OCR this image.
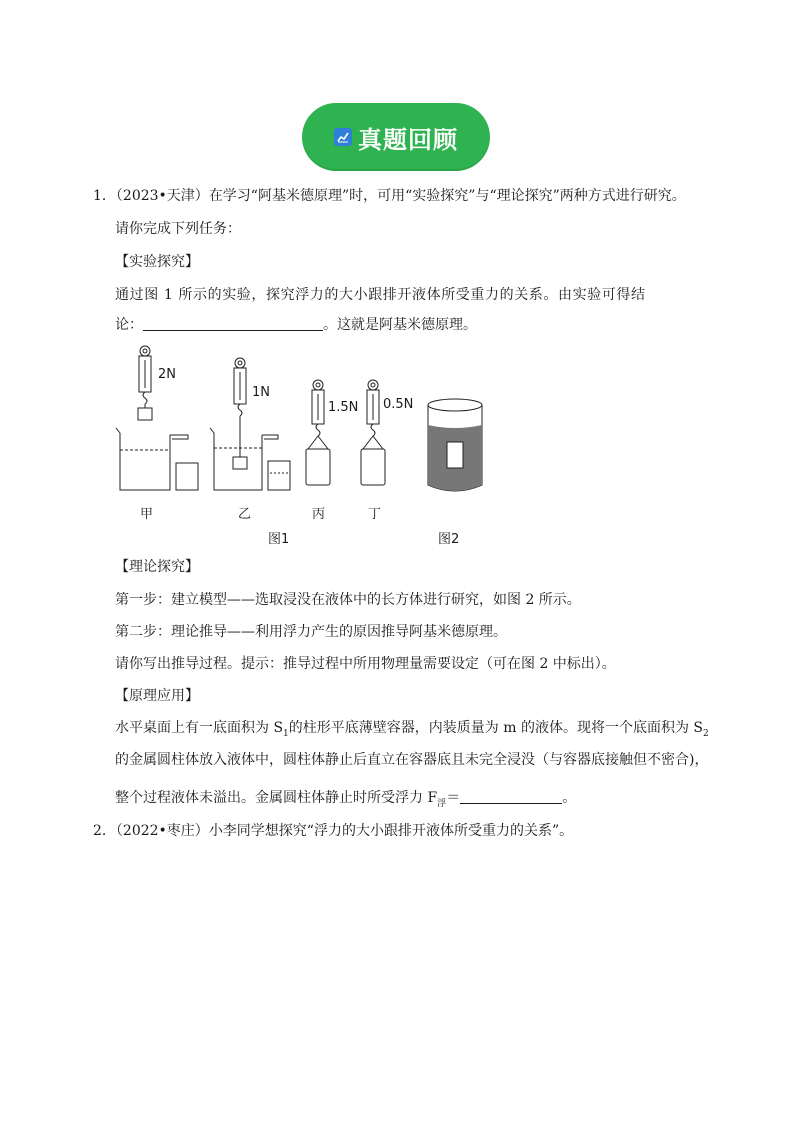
真题回顾
1．（2023•天津）在学习“阿基米德原理”时，可用“实验探究”与“理论探究”两种方式进行研究。
请你完成下列任务：
【实验探究】
通过图 1 所示的实验，探究浮力的大小跟排开液体所受重力的关系。由实验可得结
论：	。这就是阿基米德原理。
2N
1N
1.5N 0.5N
甲	乙	丙	丁
图1	图2
【理论探究】
第一步：建立模型——选取浸没在液体中的长方体进行研究，如图 2 所示。
第二步：理论推导——利用浮力产生的原因推导阿基米德原理。
请你写出推导过程。提示：推导过程中所用物理量需要设定（可在图 2 中标出）。
【原理应用】
水平桌面上有一底面积为 $S_1$的柱形平底薄壁容器，内装质量为 m 的液体。现将一个底面积为 $S_2$
的金属圆柱体放入液体中，圆柱体静止后直立在容器底且未完全浸没（与容器底接触但不密合)，
整个过程液体未溢出。金属圆柱体静止时所受浮力 $F_浮=$	。
2．（2022•枣庄）小李同学想探究“浮力的大小跟排开液体所受重力的关系”。
